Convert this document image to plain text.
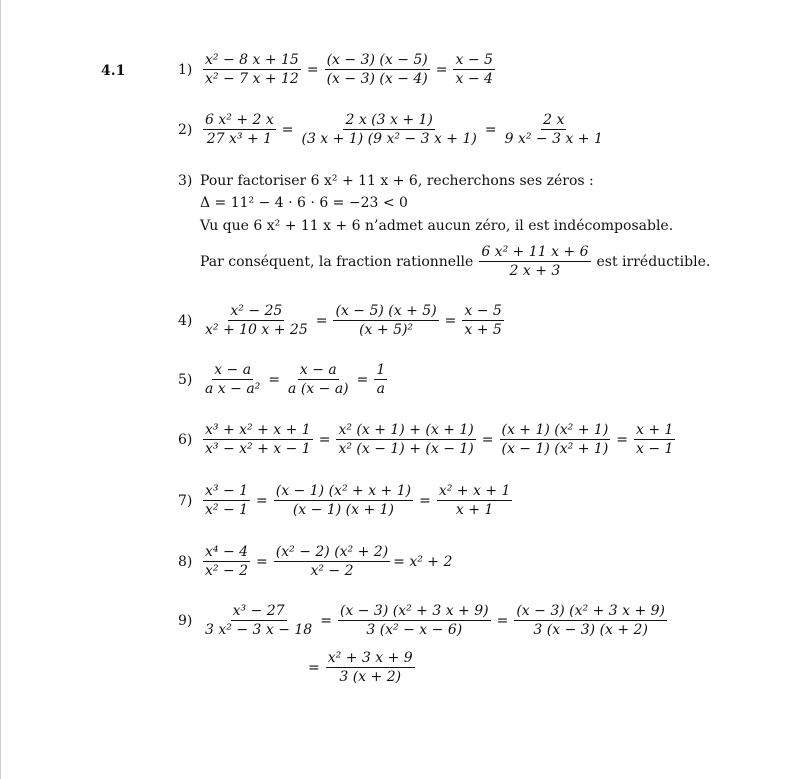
4.1	$1) \frac{\text{x² − 8 x + 15}}{\text{x² − 7 x + 12}} = \frac{(x - 3) (x - 5)}{(x - 3) (x - 4)} = \frac{x - 5}{x - 4}$
$2) \frac{\text{6 x² + 2 x}}{\text{27 x³ + 1}} = \frac{2 x (3 x + 1)}{\text{(3 x + 1) (9 x² − 3 x + 1)}} = \frac{2 x}{\text{9 x² − 3 x + 1}}$
3) Pour factoriser 6 x² + 11 x + 6, recherchons ses zéros :
Δ = 11² − 4 · 6 · 6 = −23 < 0
Vu que 6 x² + 11 x + 6 n’admet aucun zéro, il est indécomposable.
Par conséquent, la fraction rationnelle $\frac{\text{6 x² + 11 x + 6}}{2 x + 3}$ est irréductible.
$4) \frac{\text{x² − 25}}{\text{x² + 10 x + 25}} = \frac{(x - 5) (x + 5)}{\text{(x + 5)²}} = \frac{x - 5}{x + 5}$
$5) \frac{x - a}{\text{a x − a²}} = \frac{x - a}{a (x - a)} = \frac{1}{a}$
$6) \frac{\text{x³ + x² + x + 1}}{\text{x³ − x² + x − 1}} = \frac{\text{x² (x + 1) + (x + 1)}}{\text{x² (x − 1) + (x − 1)}} = \frac{\text{(x + 1) (x² + 1)}}{\text{(x − 1) (x² + 1)}} = \frac{x + 1}{x - 1}$
$7) \frac{\text{x³ − 1}}{\text{x² − 1}} = \frac{\text{(x − 1) (x² + x + 1)}}{(x - 1) (x + 1)} = \frac{\text{x² + x + 1}}{x + 1}$
$8) \frac{\text{x⁴ − 4}}{\text{x² − 2}} = \frac{\text{(x² − 2) (x² + 2)}}{\text{x² − 2}} = x^2 + 2$
$9) \frac{\text{x³ − 27}}{\text{3 x² − 3 x − 18}} = \frac{\text{(x − 3) (x² + 3 x + 9)}}{\text{3 (x² − x − 6)}} = \frac{\text{(x − 3) (x² + 3 x + 9)}}{3 (x - 3) (x + 2)}$
= $\frac{\text{x² + 3 x + 9}}{3 (x + 2)}$
